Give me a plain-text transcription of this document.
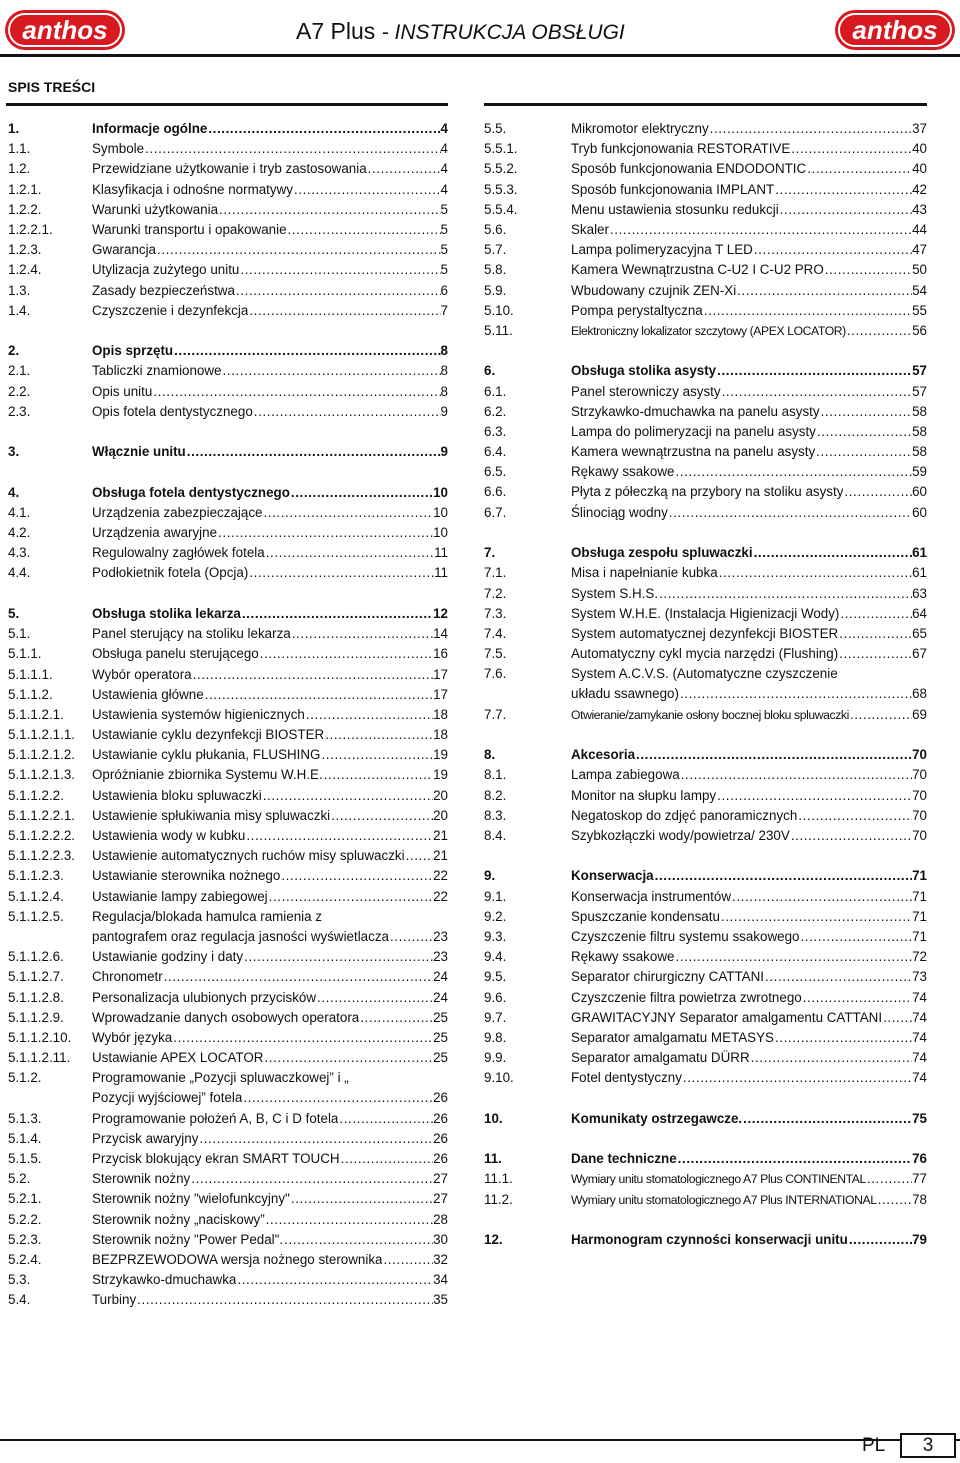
anthos	anthos
A7 Plus - INSTRUKCJA OBSŁUGI
SPIS TREŚCI
1.	Informacje ogólne .....	4
1.1.	Symbole .....	4
1.2.	Przewidziane użytkowanie i tryb zastosowania .....	4
1.2.1.	Klasyfikacja i odnośne normatywy .....	4
1.2.2.	Warunki użytkowania .....	5
1.2.2.1.	Warunki transportu i opakowanie .....	5
1.2.3.	Gwarancja .....	5
1.2.4.	Utylizacja zużytego unitu .....	5
1.3.	Zasady bezpieczeństwa .....	6
1.4.	Czyszczenie i dezynfekcja .....	7
2.	Opis sprzętu .....	8
2.1.	Tabliczki znamionowe .....	8
2.2.	Opis unitu .....	8
2.3.	Opis fotela dentystycznego .....	9
3.	Włącznie unitu .....	9
4.	Obsługa fotela dentystycznego .....	10
4.1.	Urządzenia zabezpieczające .....	10
4.2.	Urządzenia awaryjne .....	10
4.3.	Regulowalny zagłówek fotela .....	11
4.4.	Podłokietnik fotela (Opcja) .....	11
5.	Obsługa stolika lekarza .....	12
5.1.	Panel sterujący na stoliku lekarza .....	14
5.1.1.	Obsługa panelu sterującego .....	16
5.1.1.1.	Wybór operatora .....	17
5.1.1.2.	Ustawienia główne .....	17
5.1.1.2.1.	Ustawienia systemów higienicznych .....	18
5.1.1.2.1.1.	Ustawianie cyklu dezynfekcji BIOSTER .....	18
5.1.1.2.1.2.	Ustawianie cyklu płukania, FLUSHING .....	19
5.1.1.2.1.3.	Opróżnianie zbiornika Systemu W.H.E. .....	19
5.1.1.2.2.	Ustawienia bloku spluwaczki .....	20
5.1.1.2.2.1.	Ustawienie spłukiwania misy spluwaczki .....	20
5.1.1.2.2.2.	Ustawienia wody w kubku .....	21
5.1.1.2.2.3.	Ustawienie automatycznych ruchów misy spluwaczki ..... 21
5.1.1.2.3.	Ustawianie sterownika nożnego .....	22
5.1.1.2.4.	Ustawianie lampy zabiegowej .....	22
5.1.1.2.5.	Regulacja/blokada hamulca ramienia z
pantografem oraz regulacja jasności wyświetlacza .....	23
5.1.1.2.6.	Ustawianie godziny i daty .....	23
5.1.1.2.7.	Chronometr .....	24
5.1.1.2.8.	Personalizacja ulubionych przycisków .....	24
5.1.1.2.9.	Wprowadzanie danych osobowych operatora .....	25
5.1.1.2.10.	Wybór języka .....	25
5.1.1.2.11.	Ustawianie APEX LOCATOR .....	25
5.1.2.	Programowanie „Pozycji spluwaczkowej” i „
Pozycji wyjściowej” fotela .....	26
5.1.3.	Programowanie położeń A, B, C i D fotela .....	26
5.1.4.	Przycisk awaryjny .....	26
5.1.5.	Przycisk blokujący ekran SMART TOUCH .....	26
5.2.	Sterownik nożny .....	27
5.2.1.	Sterownik nożny "wielofunkcyjny" .....	27
5.2.2.	Sterownik nożny „naciskowy” .....	28
5.2.3.	Sterownik nożny "Power Pedal". .....	30
5.2.4.	BEZPRZEWODOWA wersja nożnego sterownika .....	32
5.3.	Strzykawko-dmuchawka .....	34
5.4.	Turbiny .....	35
5.5.	Mikromotor elektryczny .....	37
5.5.1.	Tryb funkcjonowania RESTORATIVE .....	40
5.5.2.	Sposób funkcjonowania ENDODONTIC .....	40
5.5.3.	Sposób funkcjonowania IMPLANT .....	42
5.5.4.	Menu ustawienia stosunku redukcji .....	43
5.6.	Skaler .....	44
5.7.	Lampa polimeryzacyjna T LED .....	47
5.8.	Kamera Wewnątrzustna C-U2 I C-U2 PRO .....	50
5.9.	Wbudowany czujnik ZEN-Xi .....	54
5.10.	Pompa perystaltyczna .....	55
5.11.	Elektroniczny lokalizator szczytowy (APEX LOCATOR) .....	56
6.	Obsługa stolika asysty .....	57
6.1.	Panel sterowniczy asysty .....	57
6.2.	Strzykawko-dmuchawka na panelu asysty .....	58
6.3.	Lampa do polimeryzacji na panelu asysty .....	58
6.4.	Kamera wewnątrzustna na panelu asysty .....	58
6.5.	Rękawy ssakowe .....	59
6.6.	Płyta z półeczką na przybory na stoliku asysty .....	60
6.7.	Ślinociąg wodny .....	60
7.	Obsługa zespołu spluwaczki .....	61
7.1.	Misa i napełnianie kubka .....	61
7.2.	System S.H.S. .....	63
7.3.	System W.H.E. (Instalacja Higienizacji Wody) .....	64
7.4.	System automatycznej dezynfekcji BIOSTER .....	65
7.5.	Automatyczny cykl mycia narzędzi (Flushing) .....	67
7.6.	System A.C.V.S. (Automatyczne czyszczenie
układu ssawnego) .....	68
7.7.	Otwieranie/zamykanie osłony bocznej bloku spluwaczki .....	69
8.	Akcesoria .....	70
8.1.	Lampa zabiegowa .....	70
8.2.	Monitor na słupku lampy .....	70
8.3.	Negatoskop do zdjęć panoramicznych .....	70
8.4.	Szybkozłączki wody/powietrza/ 230V .....	70
9.	Konserwacja .....	71
9.1.	Konserwacja instrumentów .....	71
9.2.	Spuszczanie kondensatu .....	71
9.3.	Czyszczenie filtru systemu ssakowego .....	71
9.4.	Rękawy ssakowe .....	72
9.5.	Separator chirurgiczny CATTANI .....	73
9.6.	Czyszczenie filtra powietrza zwrotnego .....	74
9.7.	GRAWITACYJNY Separator amalgamentu CATTANI ..... 74
9.8.	Separator amalgamatu METASYS .....	74
9.9.	Separator amalgamatu DÜRR .....	74
9.10.	Fotel dentystyczny .....	74
10.	Komunikaty ostrzegawcze. .....	75
11.	Dane techniczne .....	76
11.1.	Wymiary unitu stomatologicznego A7 Plus CONTINENTAL .....	77
11.2.	Wymiary unitu stomatologicznego A7 Plus INTERNATIONAL .....	78
12.	Harmonogram czynności konserwacji unitu .....	79
PL	3
